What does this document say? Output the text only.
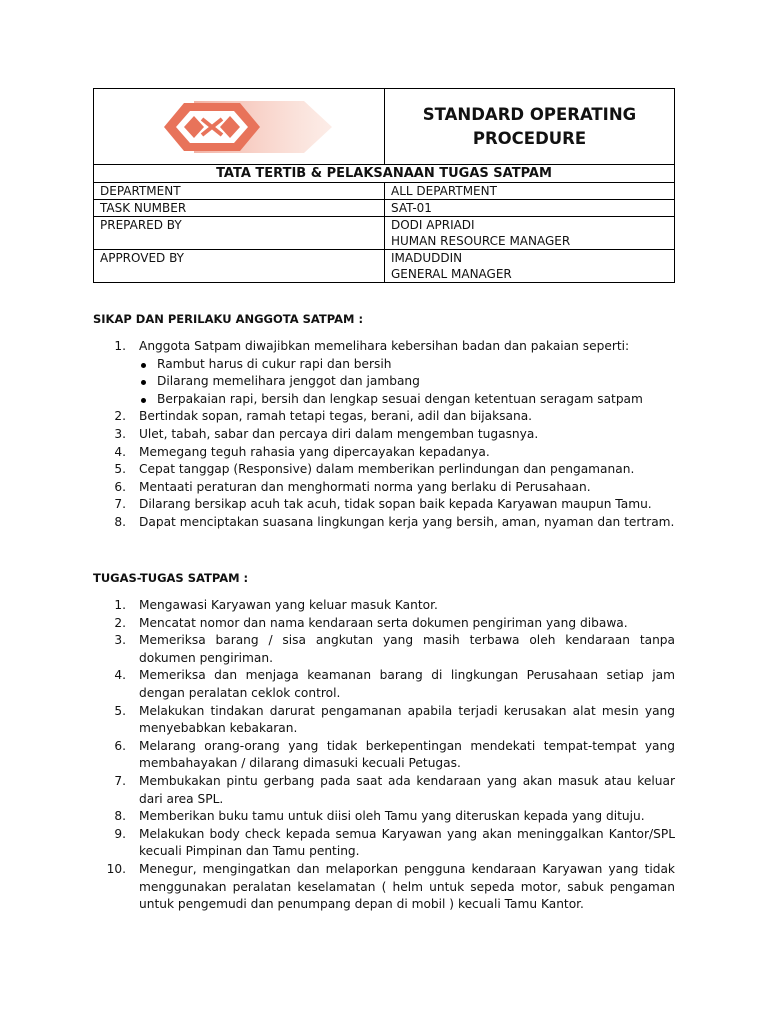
STANDARD OPERATING
PROCEDURE

TATA TERTIB & PELAKSANAAN TUGAS SATPAM	
DEPARTMENT	ALL DEPARTMENT
TASK NUMBER	SAT-01
PREPARED BY	DODI APRIADI
HUMAN RESOURCE MANAGER

APPROVED BY	IMADUDDIN
GENERAL MANAGER

SIKAP DAN PERILAKU ANGGOTA SATPAM :

1. Anggota Satpam diwajibkan memelihara kebersihan badan dan pakaian seperti:
Rambut harus di cukur rapi dan bersih
Dilarang memelihara jenggot dan jambang
Berpakaian rapi, bersih dan lengkap sesuai dengan ketentuan seragam satpam
2. Bertindak sopan, ramah tetapi tegas, berani, adil dan bijaksana.
3. Ulet, tabah, sabar dan percaya diri dalam mengemban tugasnya.
4. Memegang teguh rahasia yang dipercayakan kepadanya.
5. Cepat tanggap (Responsive) dalam memberikan perlindungan dan pengamanan.
6. Mentaati peraturan dan menghormati norma yang berlaku di Perusahaan.
7. Dilarang bersikap acuh tak acuh, tidak sopan baik kepada Karyawan maupun Tamu.
8. Dapat menciptakan suasana lingkungan kerja yang bersih, aman, nyaman dan tertram.

TUGAS-TUGAS SATPAM :

1. Mengawasi Karyawan yang keluar masuk Kantor.
2. Mencatat nomor dan nama kendaraan serta dokumen pengiriman yang dibawa.
3. Memeriksa barang / sisa angkutan yang masih terbawa oleh kendaraan tanpa dokumen pengiriman.
4. Memeriksa dan menjaga keamanan barang di lingkungan Perusahaan setiap jam dengan peralatan ceklok control.
5. Melakukan tindakan darurat pengamanan apabila terjadi kerusakan alat mesin yang menyebabkan kebakaran.
6. Melarang orang-orang yang tidak berkepentingan mendekati tempat-tempat yang membahayakan / dilarang dimasuki kecuali Petugas.
7. Membukakan pintu gerbang pada saat ada kendaraan yang akan masuk atau keluar dari area SPL.
8. Memberikan buku tamu untuk diisi oleh Tamu yang diteruskan kepada yang dituju.
9. Melakukan body check kepada semua Karyawan yang akan meninggalkan Kantor/SPL kecuali Pimpinan dan Tamu penting.
10. Menegur, mengingatkan dan melaporkan pengguna kendaraan Karyawan yang tidak menggunakan peralatan keselamatan ( helm untuk sepeda motor, sabuk pengaman untuk pengemudi dan penumpang depan di mobil ) kecuali Tamu Kantor.
